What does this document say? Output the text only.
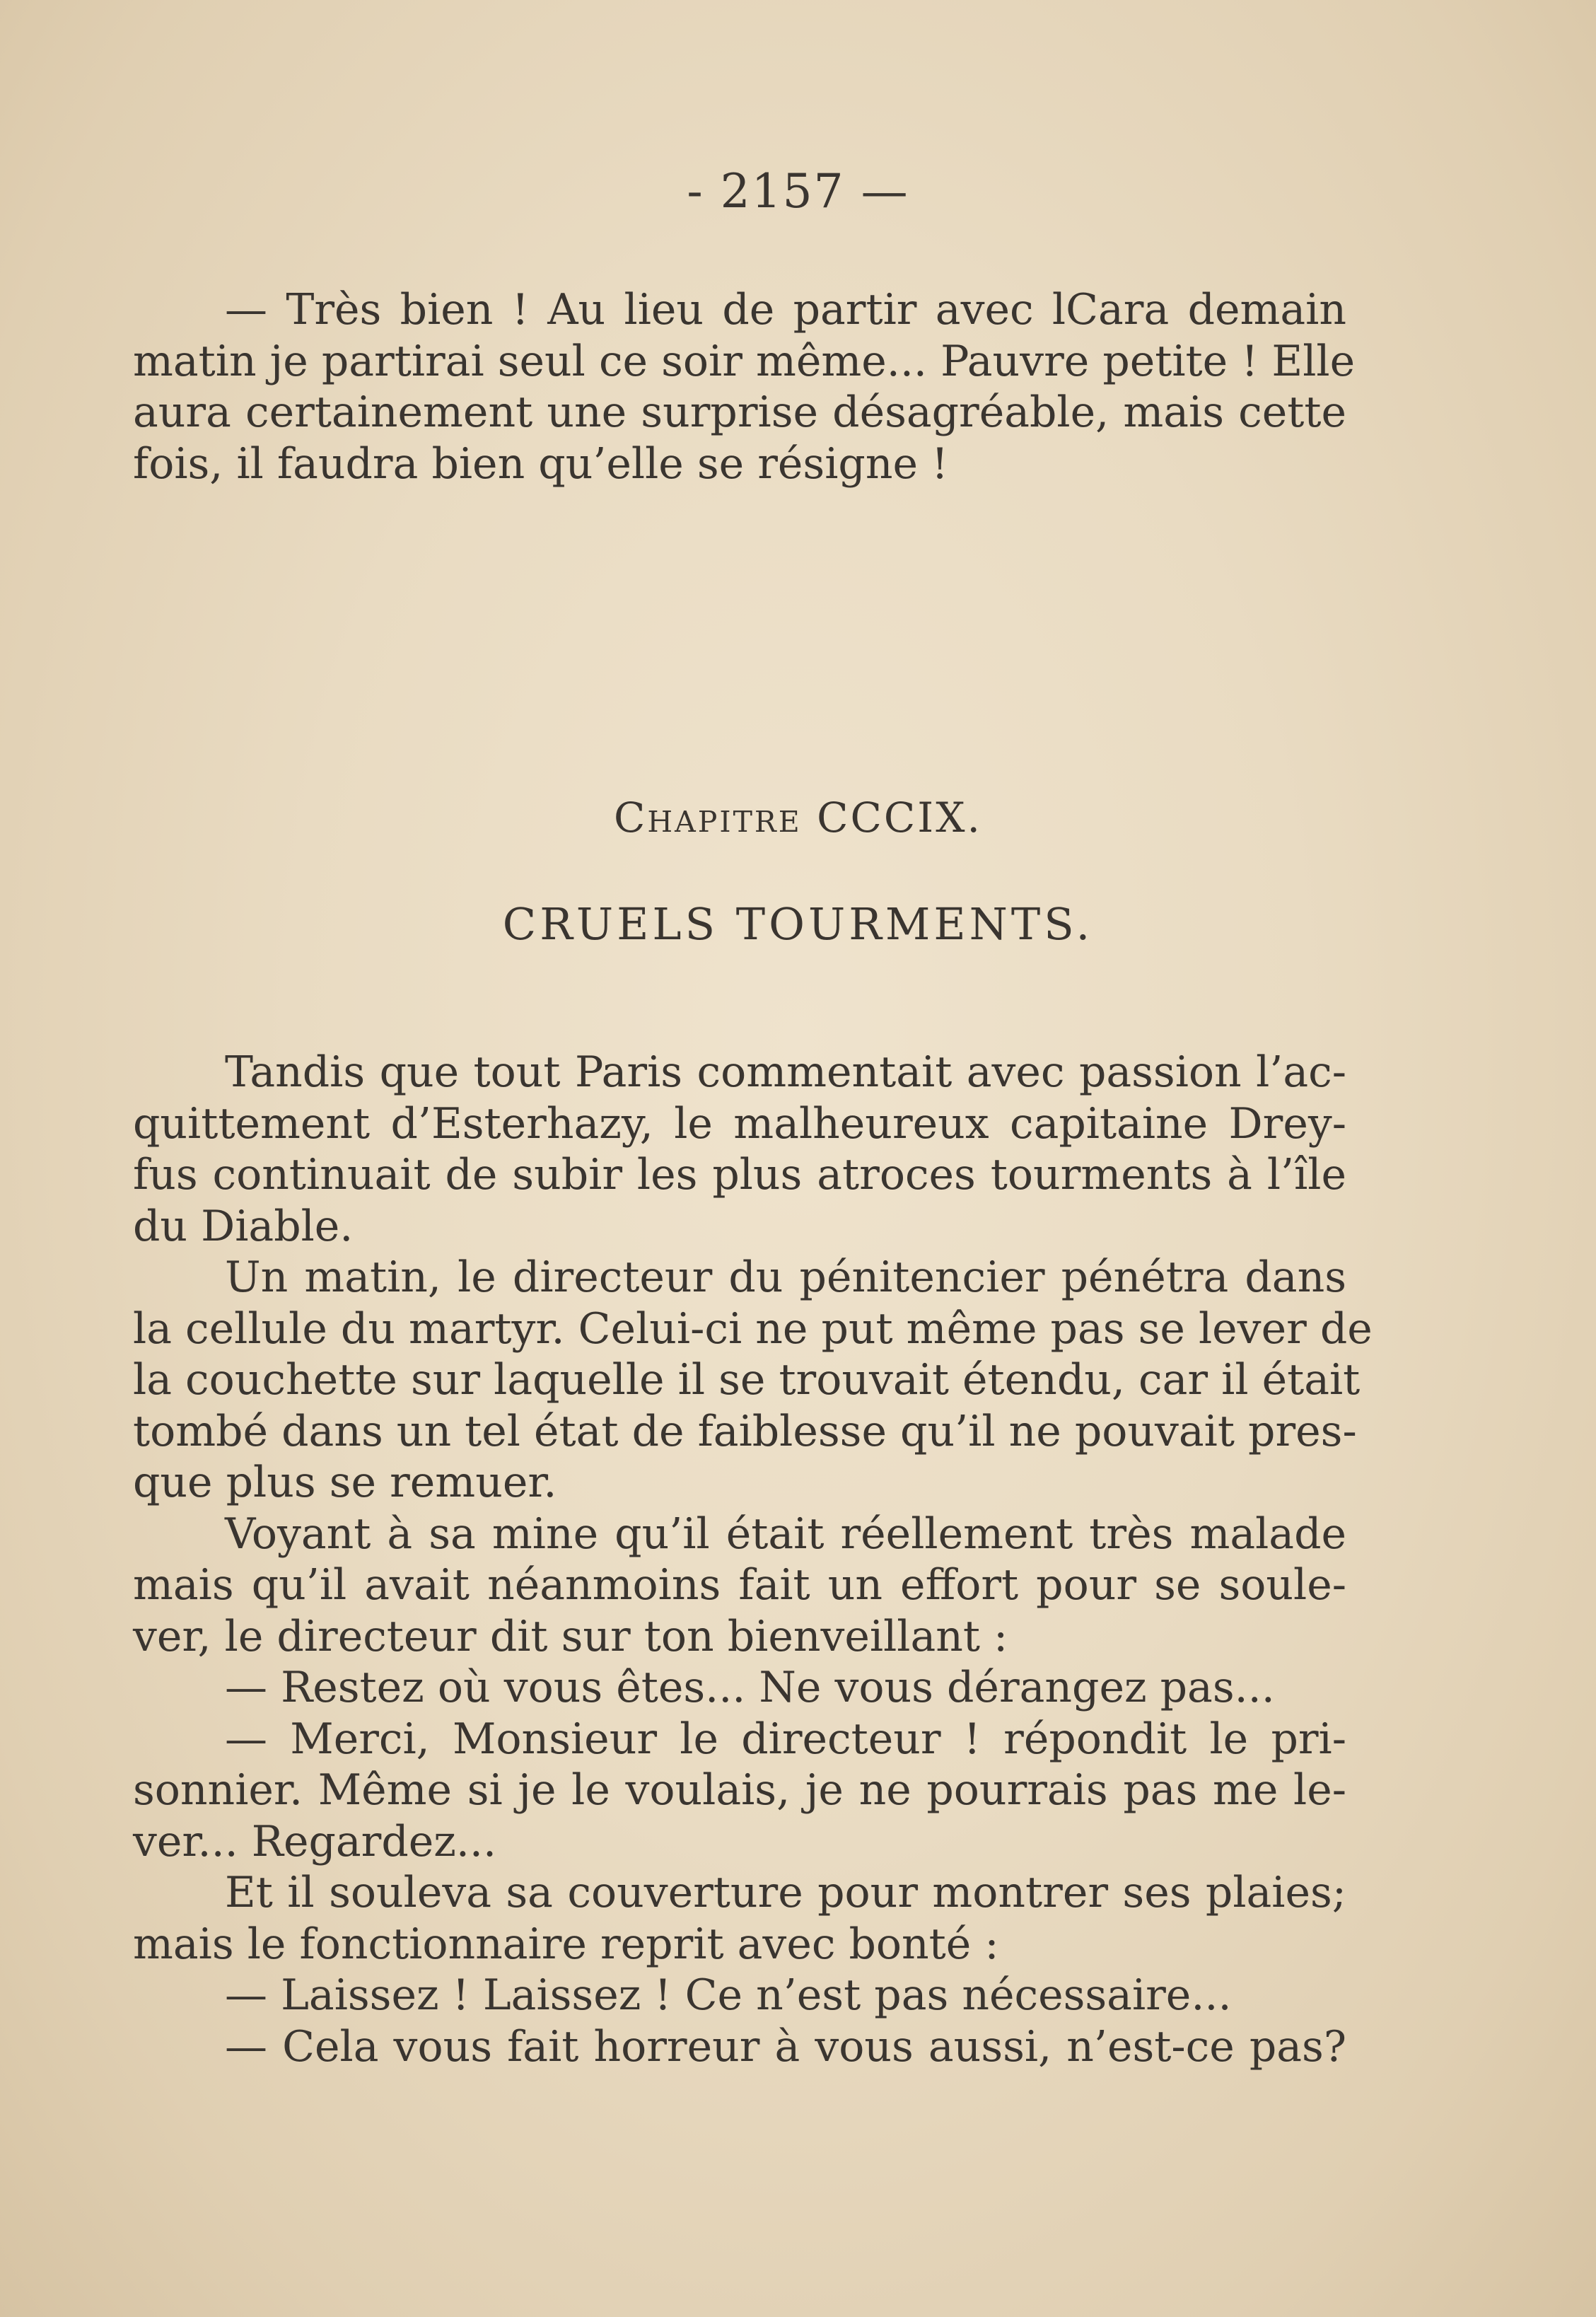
- 2157 —
— Très bien ! Au lieu de partir avec lCara demain
matin je partirai seul ce soir même... Pauvre petite ! Elle
aura certainement une surprise désagréable, mais cette
fois, il faudra bien qu’elle se résigne !
Chapitre CCCIX.
CRUELS TOURMENTS.
Tandis que tout Paris commentait avec passion l’ac-
quittement d’Esterhazy, le malheureux capitaine Drey-
fus continuait de subir les plus atroces tourments à l’île
du Diable.
Un matin, le directeur du pénitencier pénétra dans
la cellule du martyr. Celui-ci ne put même pas se lever de
la couchette sur laquelle il se trouvait étendu, car il était
tombé dans un tel état de faiblesse qu’il ne pouvait pres-
que plus se remuer.
Voyant à sa mine qu’il était réellement très malade
mais qu’il avait néanmoins fait un effort pour se soule-
ver, le directeur dit sur ton bienveillant :
— Restez où vous êtes... Ne vous dérangez pas...
— Merci, Monsieur le directeur ! répondit le pri-
sonnier. Même si je le voulais, je ne pourrais pas me le-
ver... Regardez...
Et il souleva sa couverture pour montrer ses plaies;
mais le fonctionnaire reprit avec bonté :
— Laissez ! Laissez ! Ce n’est pas nécessaire...
— Cela vous fait horreur à vous aussi, n’est-ce pas?
